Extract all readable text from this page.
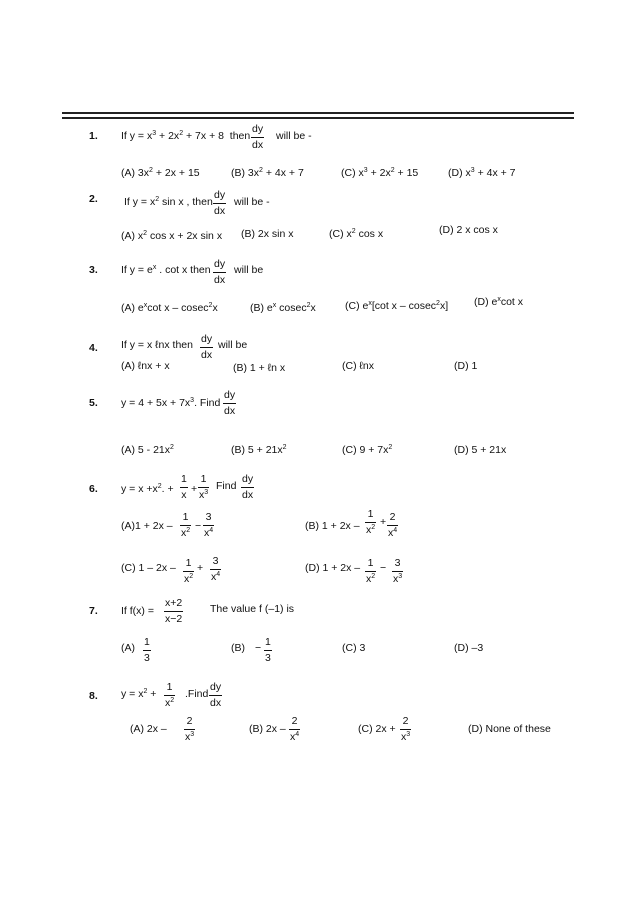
1. If $y = x^3 + 2x^2 + 7x + 8$  then $\frac{dy}{dx}$ will be -
(A) $3x^2 + 2x + 15$	(B) $3x^2 + 4x + 7$	(C) $x^3 + 2x^2 + 15$	(D) $x^3 + 4x + 7$
2. If $y = x^2$ sin x , then $\frac{dy}{dx}$ will be -
(A) $x^2$ cos x + 2x sin x (B) 2x sin x	(C) $x^2$ cos x	(D) 2 x cos x
3. If $y = e^x$ . cot x then $\frac{dy}{dx}$ will be
(A) $e^x\cot$ x – cosec$^2$x	(B) $e^x$ cosec$^2$x	(C) $e^x[\cot$ x – cosec$^2$x] (D) $e^x\cot$ x
4. If y = x ℓnx then $\frac{dy}{dx}$ will be
(A) ℓnx + x	(B) 1 + ℓn x	(C) ℓnx	(D) 1
5. $y = 4 + 5x + 7x^3$. Find $\frac{dy}{dx}$
(A) $5 - 21x^2$	(B) $5 + 21x^2$	(C) $9 + 7x^2$	(D) 5 + 21x
6. $y = x +x^2$. + $\frac{1}{x} + \frac{1}{x^3}$ Find $\frac{dy}{dx}$
$(A)1 + 2x - \frac{1}{x^2} - \frac{3}{x^4}$	(B) $1 + 2x - \frac{1}{x^2} + \frac{2}{x^4}$
(C) $1 - 2x - \frac{1}{x^2} + \frac{3}{x^4}$	(D) $1 + 2x - \frac{1}{x^2} - \frac{3}{x^3}$
7. If $f(x) = \frac{x+2}{x-2}$	The value f (–1) is
$(A) \frac{1}{3}$	$(B) - \frac{1}{3}$	(C) 3	(D) –3
8. $y = x^2 + \frac{1}{x^2}$ .Find $\frac{dy}{dx}$
(A) $2x - \frac{2}{x^3}$	(B) $2x - \frac{2}{x^4}$	(C) $2x + \frac{2}{x^3}$	(D) None of these
